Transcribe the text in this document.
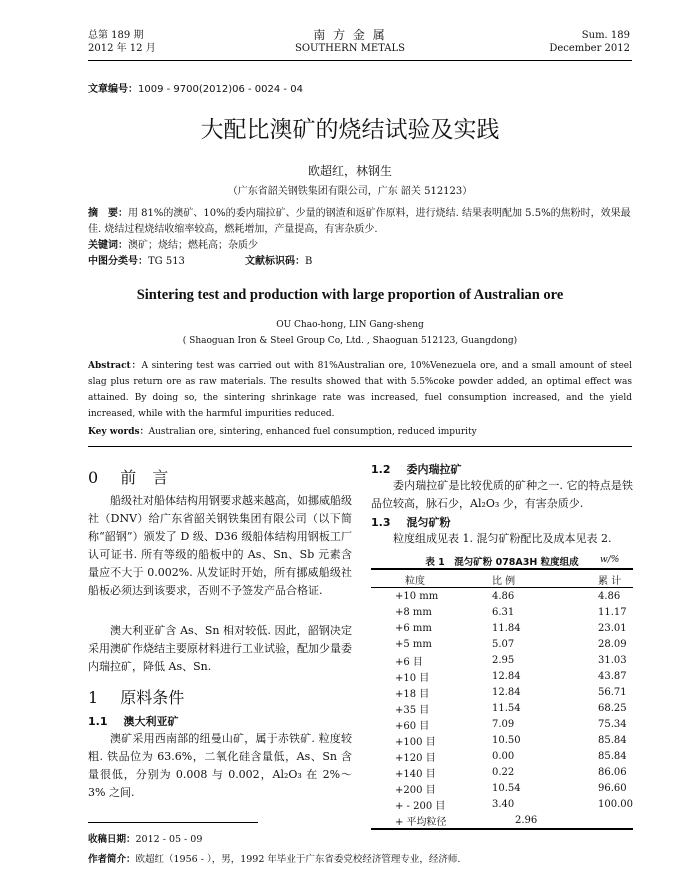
总第 189 期
2012 年 12 月
南 方 金 属
SOUTHERN METALS
Sum. 189
December 2012
文章编号：1009 - 9700(2012)06 - 0024 - 04
大配比澳矿的烧结试验及实践
欧超红，林钢生
（广东省韶关钢铁集团有限公司，广东 韶关 512123）
摘　要：用 81%的澳矿、10%的委内瑞拉矿、少量的钢渣和返矿作原料，进行烧结. 结果表明配加 5.5%的焦粉时，效果最佳. 烧结过程烧结收缩率较高，燃耗增加，产量提高，有害杂质少.
关键词：澳矿；烧结；燃耗高；杂质少
中图分类号：TG 513	文献标识码：B
Sintering test and production with large proportion of Australian ore
OU Chao-hong, LIN Gang-sheng
( Shaoguan Iron & Steel Group Co, Ltd. , Shaoguan 512123, Guangdong)
Abstract：A sintering test was carried out with 81%Australian ore, 10%Venezuela ore, and a small amount of steel slag plus return ore as raw materials. The results showed that with 5.5%coke powder added, an optimal effect was attained. By doing so, the sintering shrinkage rate was increased, fuel consumption increased, and the yield increased, while with the harmful impurities reduced.
Key words：Australian ore, sintering, enhanced fuel consumption, reduced impurity
0 前　言
船级社对船体结构用钢要求越来越高，如挪威船级社（DNV）给广东省韶关钢铁集团有限公司（以下简称“韶钢”）颁发了 D 级、D36 级船体结构用钢板工厂认可证书. 所有等级的船板中的 As、Sn、Sb 元素含量应不大于 0.002%. 从发证时开始，所有挪威船级社船板必须达到该要求，否则不予签发产品合格证.
澳大利亚矿含 As、Sn 相对较低. 因此，韶钢决定采用澳矿作烧结主要原材料进行工业试验，配加少量委内瑞拉矿，降低 As、Sn.
1 原料条件
1.1 澳大利亚矿
澳矿采用西南部的纽曼山矿，属于赤铁矿. 粒度较粗. 铁品位为 63.6%，二氧化硅含量低，As、Sn 含量很低，分别为 0.008 与 0.002，Al₂O₃ 在 2%～3% 之间.
1.2 委内瑞拉矿
委内瑞拉矿是比较优质的矿种之一. 它的特点是铁品位较高，脉石少，Al₂O₃ 少，有害杂质少.
1.3 混匀矿粉
粒度组成见表 1. 混匀矿粉配比及成本见表 2.
表 1　混匀矿粉 078A3H 粒度组成	w/%
粒度	比 例	累 计
+10 mm	4.86	4.86
+8 mm	6.31	11.17
+6 mm	11.84	23.01
+5 mm	5.07	28.09
+6 目	2.95	31.03
+10 目	12.84	43.87
+18 目	12.84	56.71
+35 目	11.54	68.25
+60 目	7.09	75.34
+100 目	10.50	85.84
+120 目	0.00	85.84
+140 目	0.22	86.06
+200 目	10.54	96.60
+ - 200 目	3.40	100.00
+ 平均粒径	2.96	
收稿日期：2012 - 05 - 09
作者简介：欧超红（1956 - ），男，1992 年毕业于广东省委党校经济管理专业，经济师.
